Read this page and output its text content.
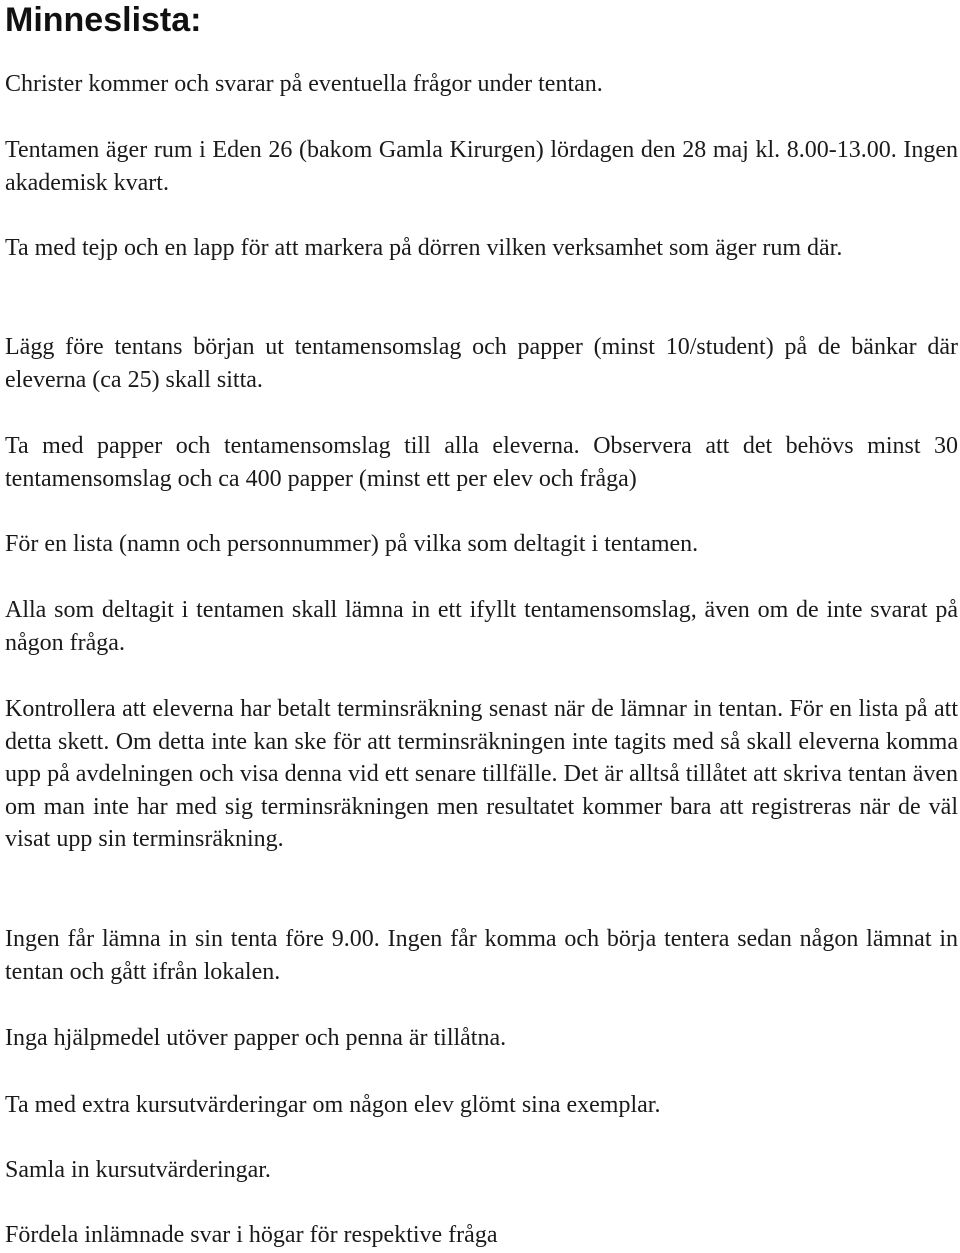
Minneslista:

Christer kommer och svarar på eventuella frågor under tentan.

Tentamen äger rum i Eden 26 (bakom Gamla Kirurgen) lördagen den 28 maj kl. 8.00-13.00. Ingen akademisk kvart.

Ta med tejp och en lapp för att markera på dörren vilken verksamhet som äger rum där.

Lägg före tentans början ut tentamensomslag och papper (minst 10/student) på de bänkar där eleverna (ca 25) skall sitta.

Ta med papper och tentamensomslag till alla eleverna. Observera att det behövs minst 30 tentamensomslag och ca 400 papper (minst ett per elev och fråga)

För en lista (namn och personnummer) på vilka som deltagit i tentamen.

Alla som deltagit i tentamen skall lämna in ett ifyllt tentamensomslag, även om de inte svarat på någon fråga.

Kontrollera att eleverna har betalt terminsräkning senast när de lämnar in tentan. För en lista på att detta skett. Om detta inte kan ske för att terminsräkningen inte tagits med så skall eleverna komma upp på avdelningen och visa denna vid ett senare tillfälle. Det är alltså tillåtet att skriva tentan även om man inte har med sig terminsräkningen men resultatet kommer bara att registreras när de väl visat upp sin terminsräkning.

Ingen får lämna in sin tenta före 9.00. Ingen får komma och börja tentera sedan någon lämnat in tentan och gått ifrån lokalen.

Inga hjälpmedel utöver papper och penna är tillåtna.

Ta med extra kursutvärderingar om någon elev glömt sina exemplar.

Samla in kursutvärderingar.

Fördela inlämnade svar i högar för respektive fråga
